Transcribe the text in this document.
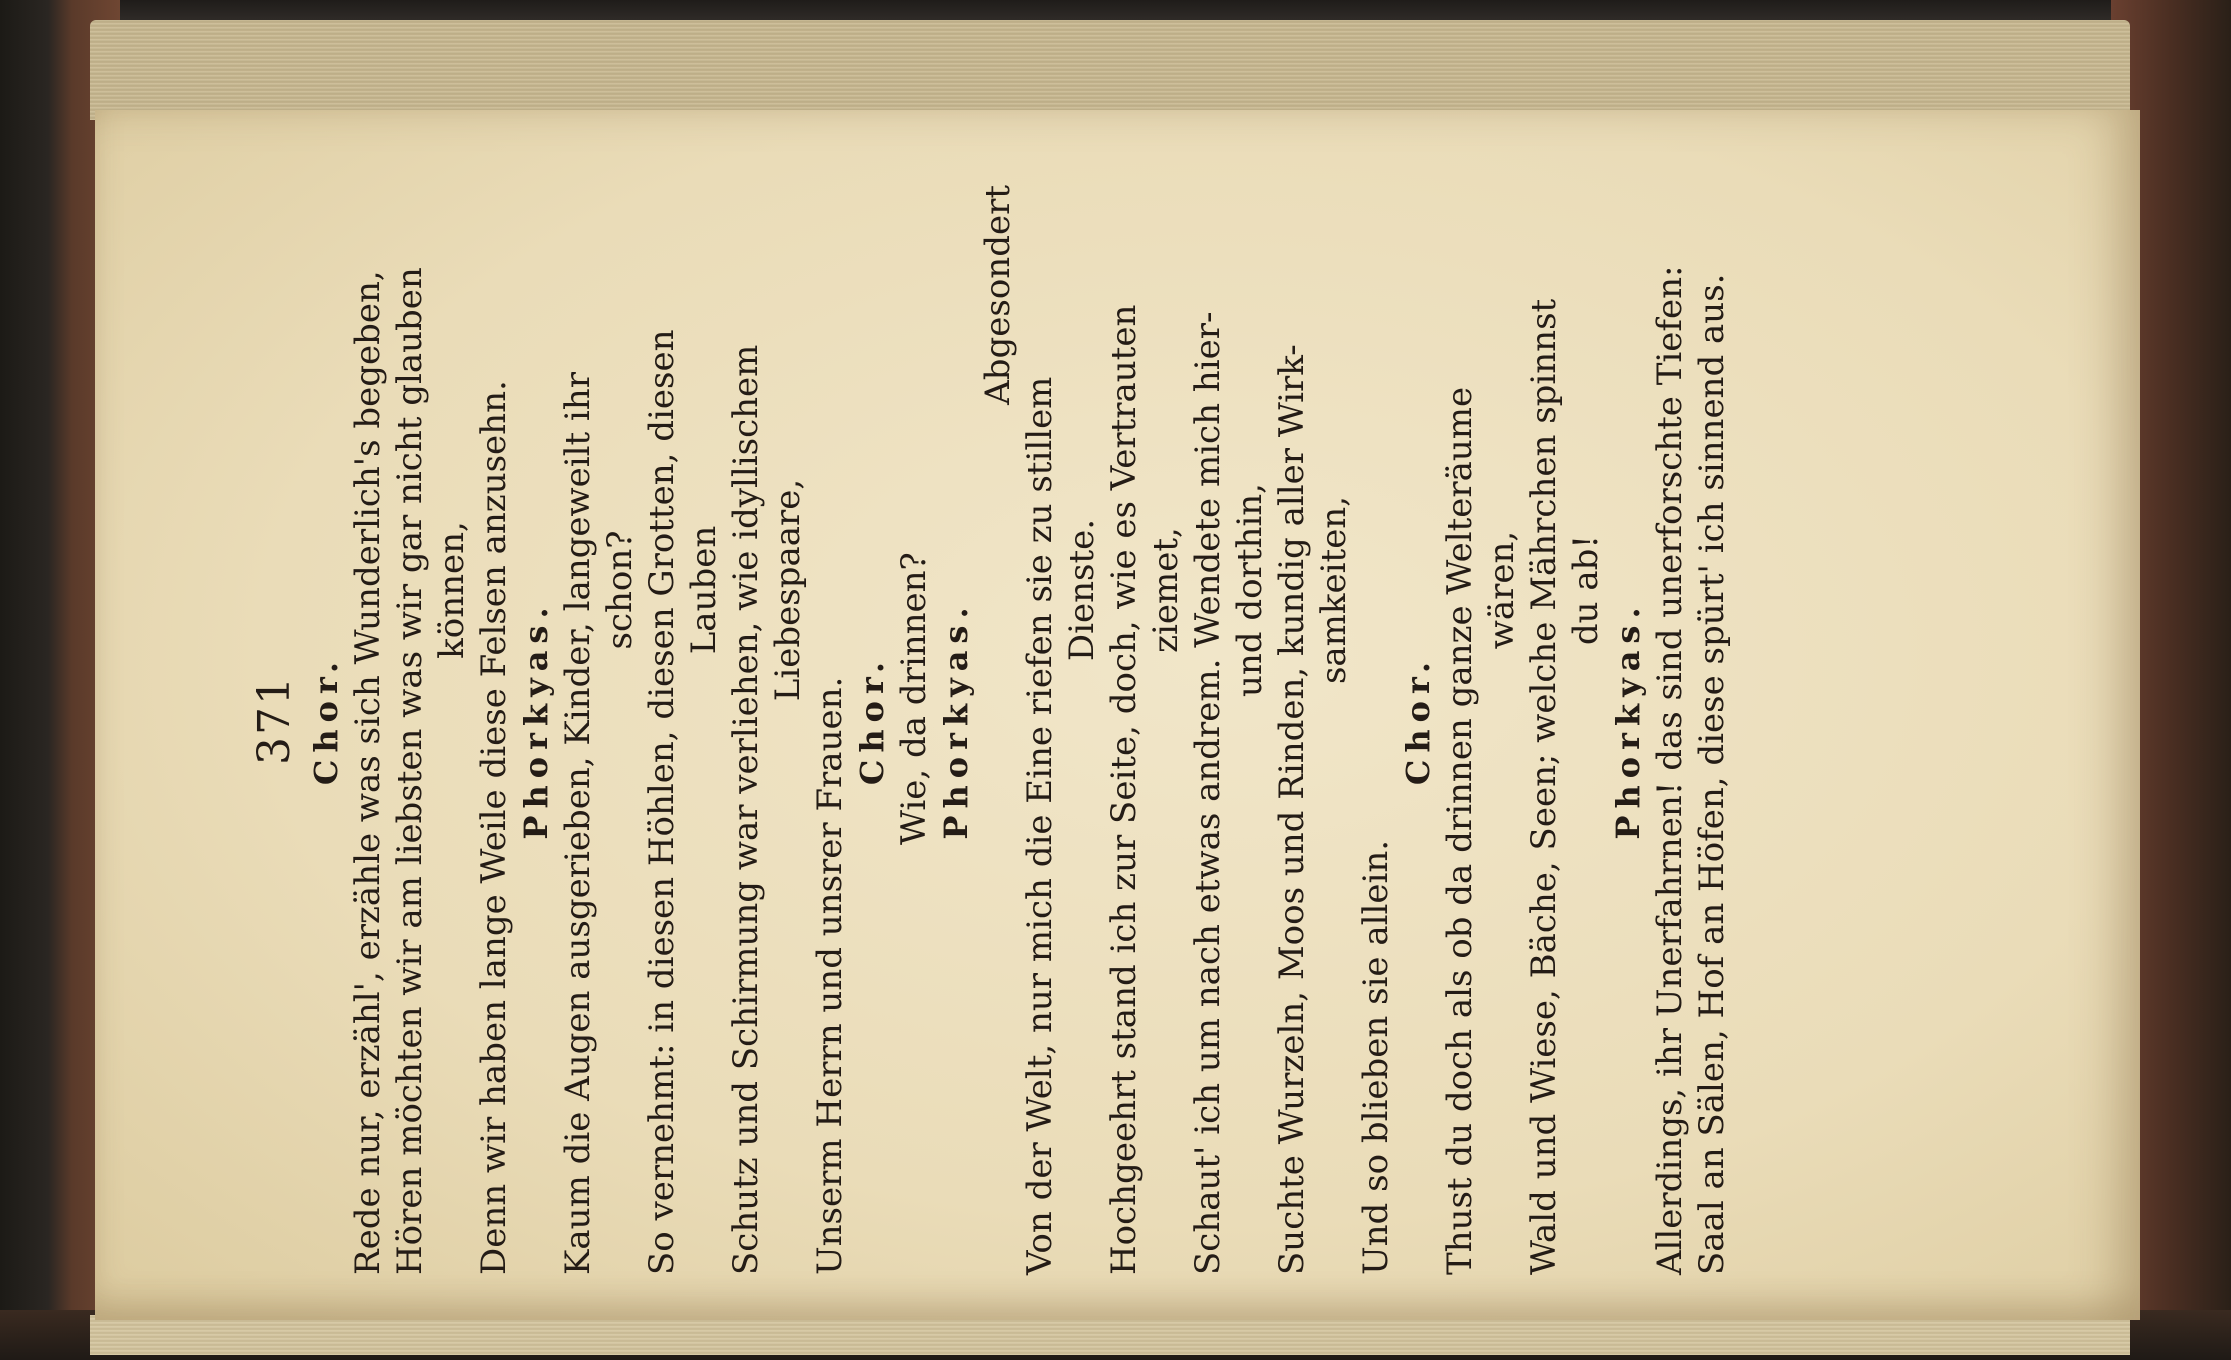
371 Chor. Rede nur, erzähl', erzähle was sich Wunderlich's begeben, Hören möchten wir am liebsten was wir gar nicht glauben können, Denn wir haben lange Weile diese Felsen anzusehn. Phorkyas. Kaum die Augen ausgerieben, Kinder, langeweilt ihr schon? So vernehmt: in diesen Höhlen, diesen Grotten, diesen Lauben Schutz und Schirmung war verliehen, wie idyllischem Liebespaare,
Unserm Herrn und unsrer Frauen. Chor. Wie, da drinnen? Phorkyas.
Abgesondert
Von der Welt, nur mich die Eine riefen sie zu stillem Dienste. Hochgeehrt stand ich zur Seite, doch, wie es Vertrauten ziemet, Schaut' ich um nach etwas andrem. Wendete mich hier- und dorthin, Suchte Wurzeln, Moos und Rinden, kundig aller Wirk- samkeiten,
Und so blieben sie allein.
Chor. Thust du doch als ob da drinnen ganze Welteräume wären, Wald und Wiese, Bäche, Seen; welche Mährchen spinnst du ab!
Phorkyas. Allerdings, ihr Unerfahrnen! das sind unerforschte Tiefen: Saal an Sälen, Hof an Höfen, diese spürt' ich sinnend aus.
